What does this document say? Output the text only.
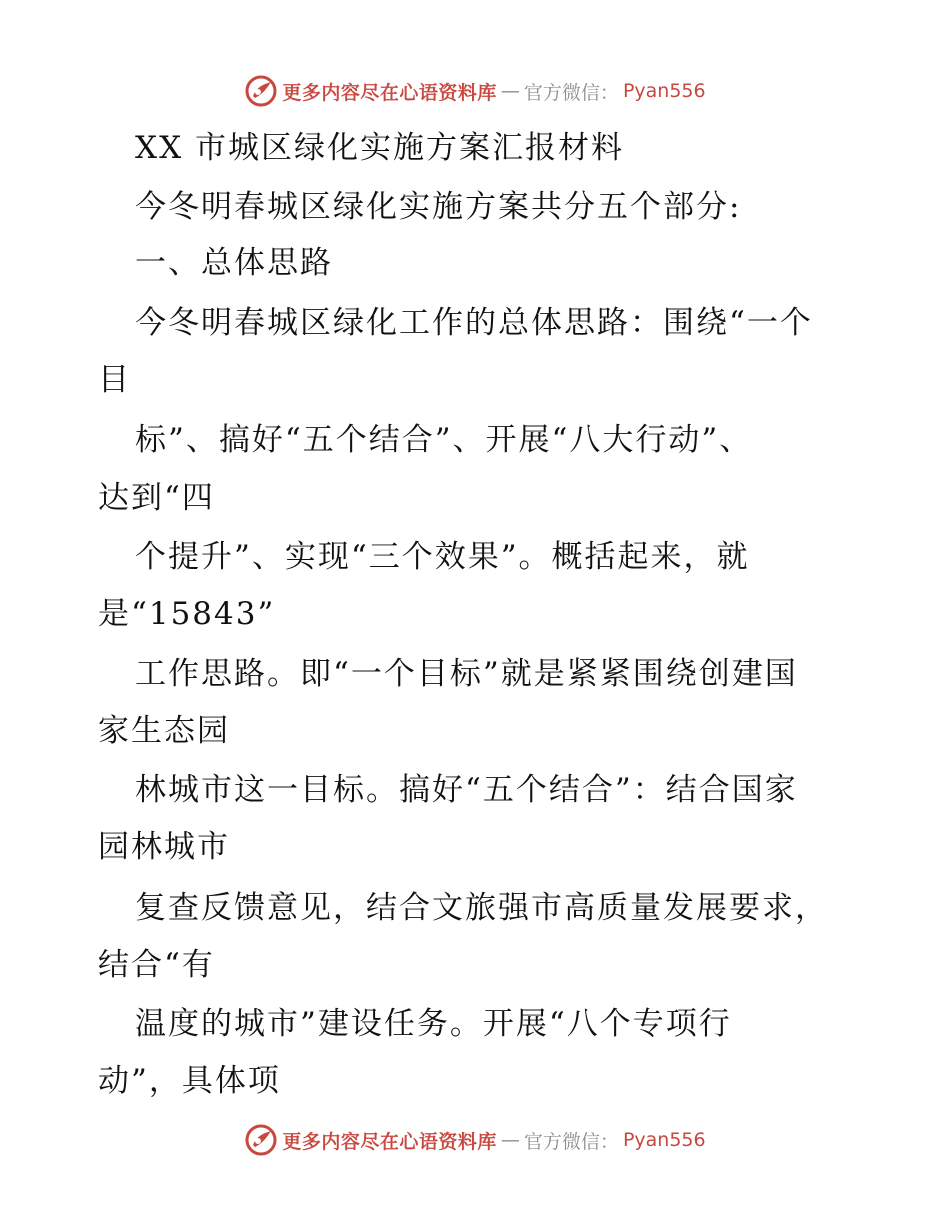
更多内容尽在心语资料库 — 官方微信： Pyan556
XX 市城区绿化实施方案汇报材料
今冬明春城区绿化实施方案共分五个部分:
一、总体思路
今冬明春城区绿化工作的总体思路：围绕“一个
目
标”、搞好“五个结合”、开展“八大行动”、
达到“四
个提升”、实现“三个效果”。概括起来，就
是“15843”
工作思路。即“一个目标”就是紧紧围绕创建国
家生态园
林城市这一目标。搞好“五个结合”：结合国家
园林城市
复查反馈意见，结合文旅强市高质量发展要求，
结合“有
温度的城市”建设任务。开展“八个专项行
动”，具体项
更多内容尽在心语资料库 — 官方微信： Pyan556
